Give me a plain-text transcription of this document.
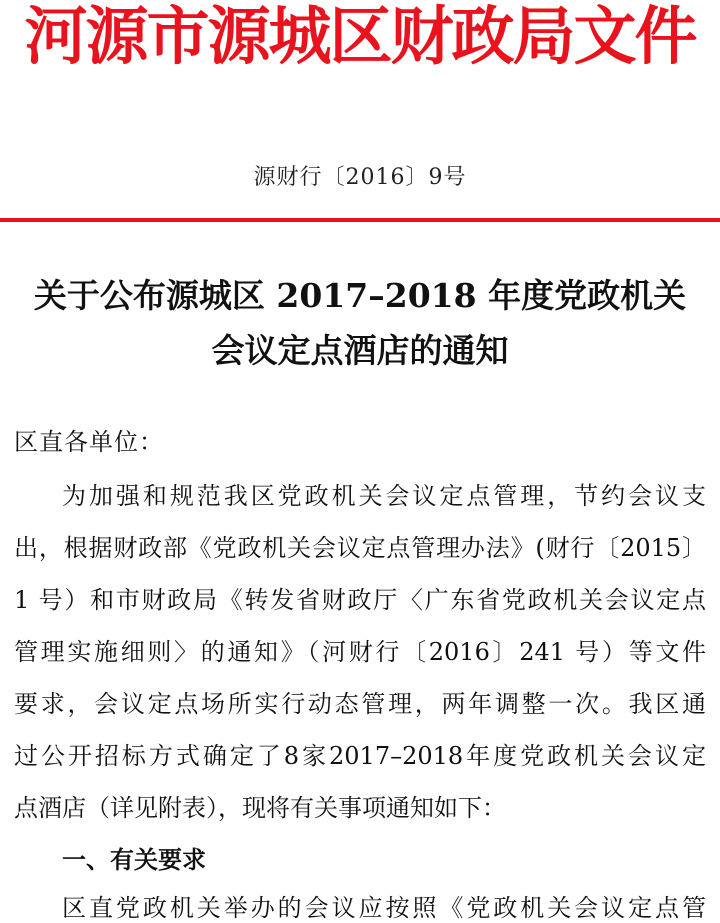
河源市源城区财政局文件
源财行〔2016〕9号
关于公布源城区 2017–2018 年度党政机关
会议定点酒店的通知
区直各单位：
为加强和规范我区党政机关会议定点管理，节约会议支
出，根据财政部《党政机关会议定点管理办法》(财行〔2015〕
1 号）和市财政局《转发省财政厅〈广东省党政机关会议定点
管理实施细则〉的通知》（河财行〔2016〕241 号）等文件
要求，会议定点场所实行动态管理，两年调整一次。我区通
过公开招标方式确定了8家2017–2018年度党政机关会议定
点酒店（详见附表），现将有关事项通知如下：
一、有关要求
区直党政机关举办的会议应按照《党政机关会议定点管
